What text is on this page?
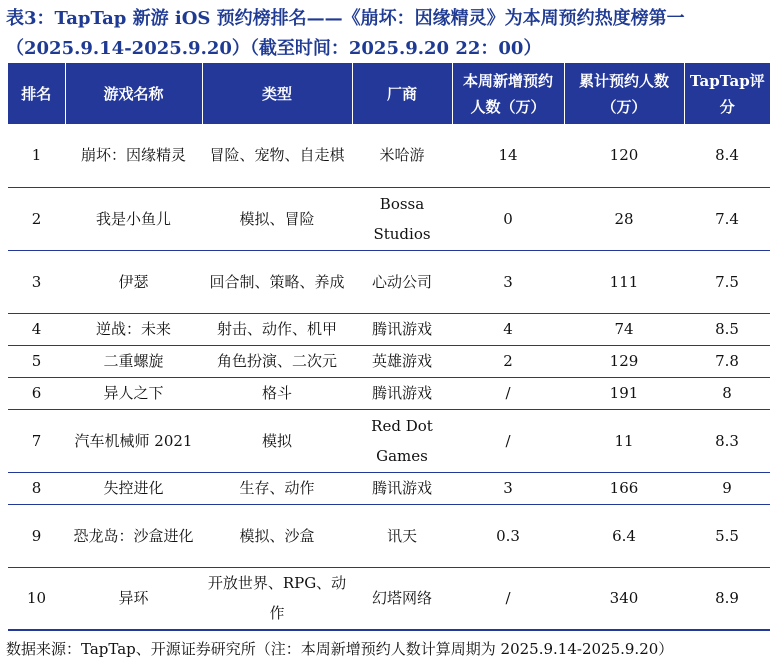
表3：TapTap 新游 iOS 预约榜排名——《崩坏：因缘精灵》为本周预约热度榜第一（2025.9.14-2025.9.20）（截至时间：2025.9.20 22：00）
排名	游戏名称	类型	厂商	本周新增预约人数（万）	累计预约人数（万）	TapTap评分
1	崩坏：因缘精灵	冒险、宠物、自走棋	米哈游	14	120	8.4
2	我是小鱼儿	模拟、冒险	Bossa Studios	0	28	7.4
3	伊瑟	回合制、策略、养成	心动公司	3	111	7.5
4	逆战：未来	射击、动作、机甲	腾讯游戏	4	74	8.5
5	二重螺旋	角色扮演、二次元	英雄游戏	2	129	7.8
6	异人之下	格斗	腾讯游戏	/	191	8
7	汽车机械师 2021	模拟	Red Dot Games	/	11	8.3
8	失控进化	生存、动作	腾讯游戏	3	166	9
9	恐龙岛：沙盒进化	模拟、沙盒	讯天	0.3	6.4	5.5
10	异环	开放世界、RPG、动作	幻塔网络	/	340	8.9
数据来源：TapTap、开源证券研究所（注：本周新增预约人数计算周期为 2025.9.14-2025.9.20）
